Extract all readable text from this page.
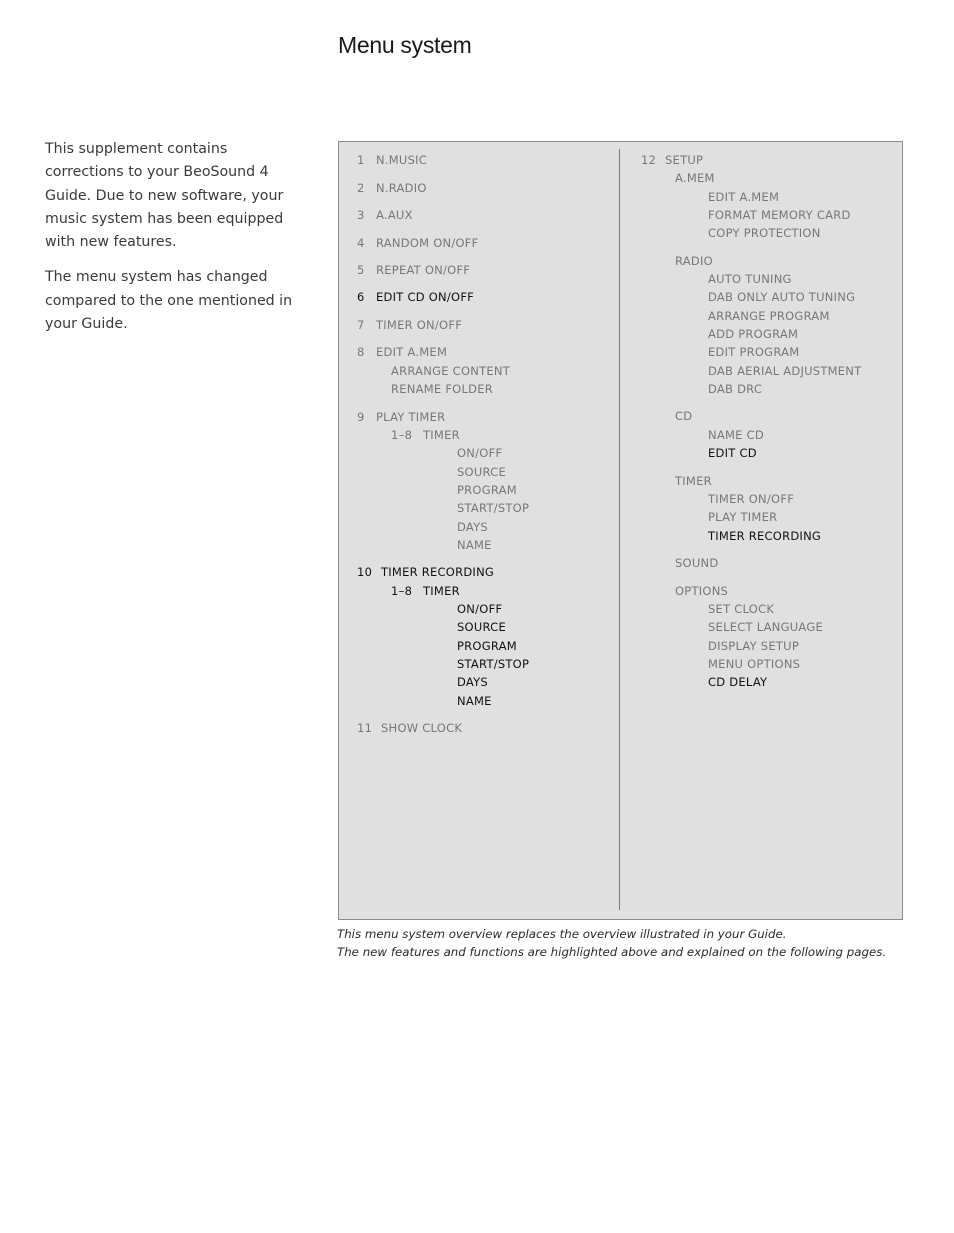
Menu system

This supplement contains corrections to your BeoSound 4 Guide. Due to new software, your music system has been equipped with new features.

The menu system has changed compared to the one mentioned in your Guide.

1 N.MUSIC
2 N.RADIO
3 A.AUX
4 RANDOM ON/OFF
5 REPEAT ON/OFF
6 EDIT CD ON/OFF
7 TIMER ON/OFF
8 EDIT A.MEM
ARRANGE CONTENT
RENAME FOLDER
9 PLAY TIMER
1–8 TIMER
ON/OFF
SOURCE
PROGRAM
START/STOP
DAYS
NAME
10 TIMER RECORDING
1–8 TIMER
ON/OFF
SOURCE
PROGRAM
START/STOP
DAYS
NAME
11 SHOW CLOCK
12 SETUP
A.MEM
EDIT A.MEM
FORMAT MEMORY CARD
COPY PROTECTION
RADIO
AUTO TUNING
DAB ONLY AUTO TUNING
ARRANGE PROGRAM
ADD PROGRAM
EDIT PROGRAM
DAB AERIAL ADJUSTMENT
DAB DRC
CD
NAME CD
EDIT CD
TIMER
TIMER ON/OFF
PLAY TIMER
TIMER RECORDING
SOUND
OPTIONS
SET CLOCK
SELECT LANGUAGE
DISPLAY SETUP
MENU OPTIONS
CD DELAY

This menu system overview replaces the overview illustrated in your Guide.

The new features and functions are highlighted above and explained on the following pages.
